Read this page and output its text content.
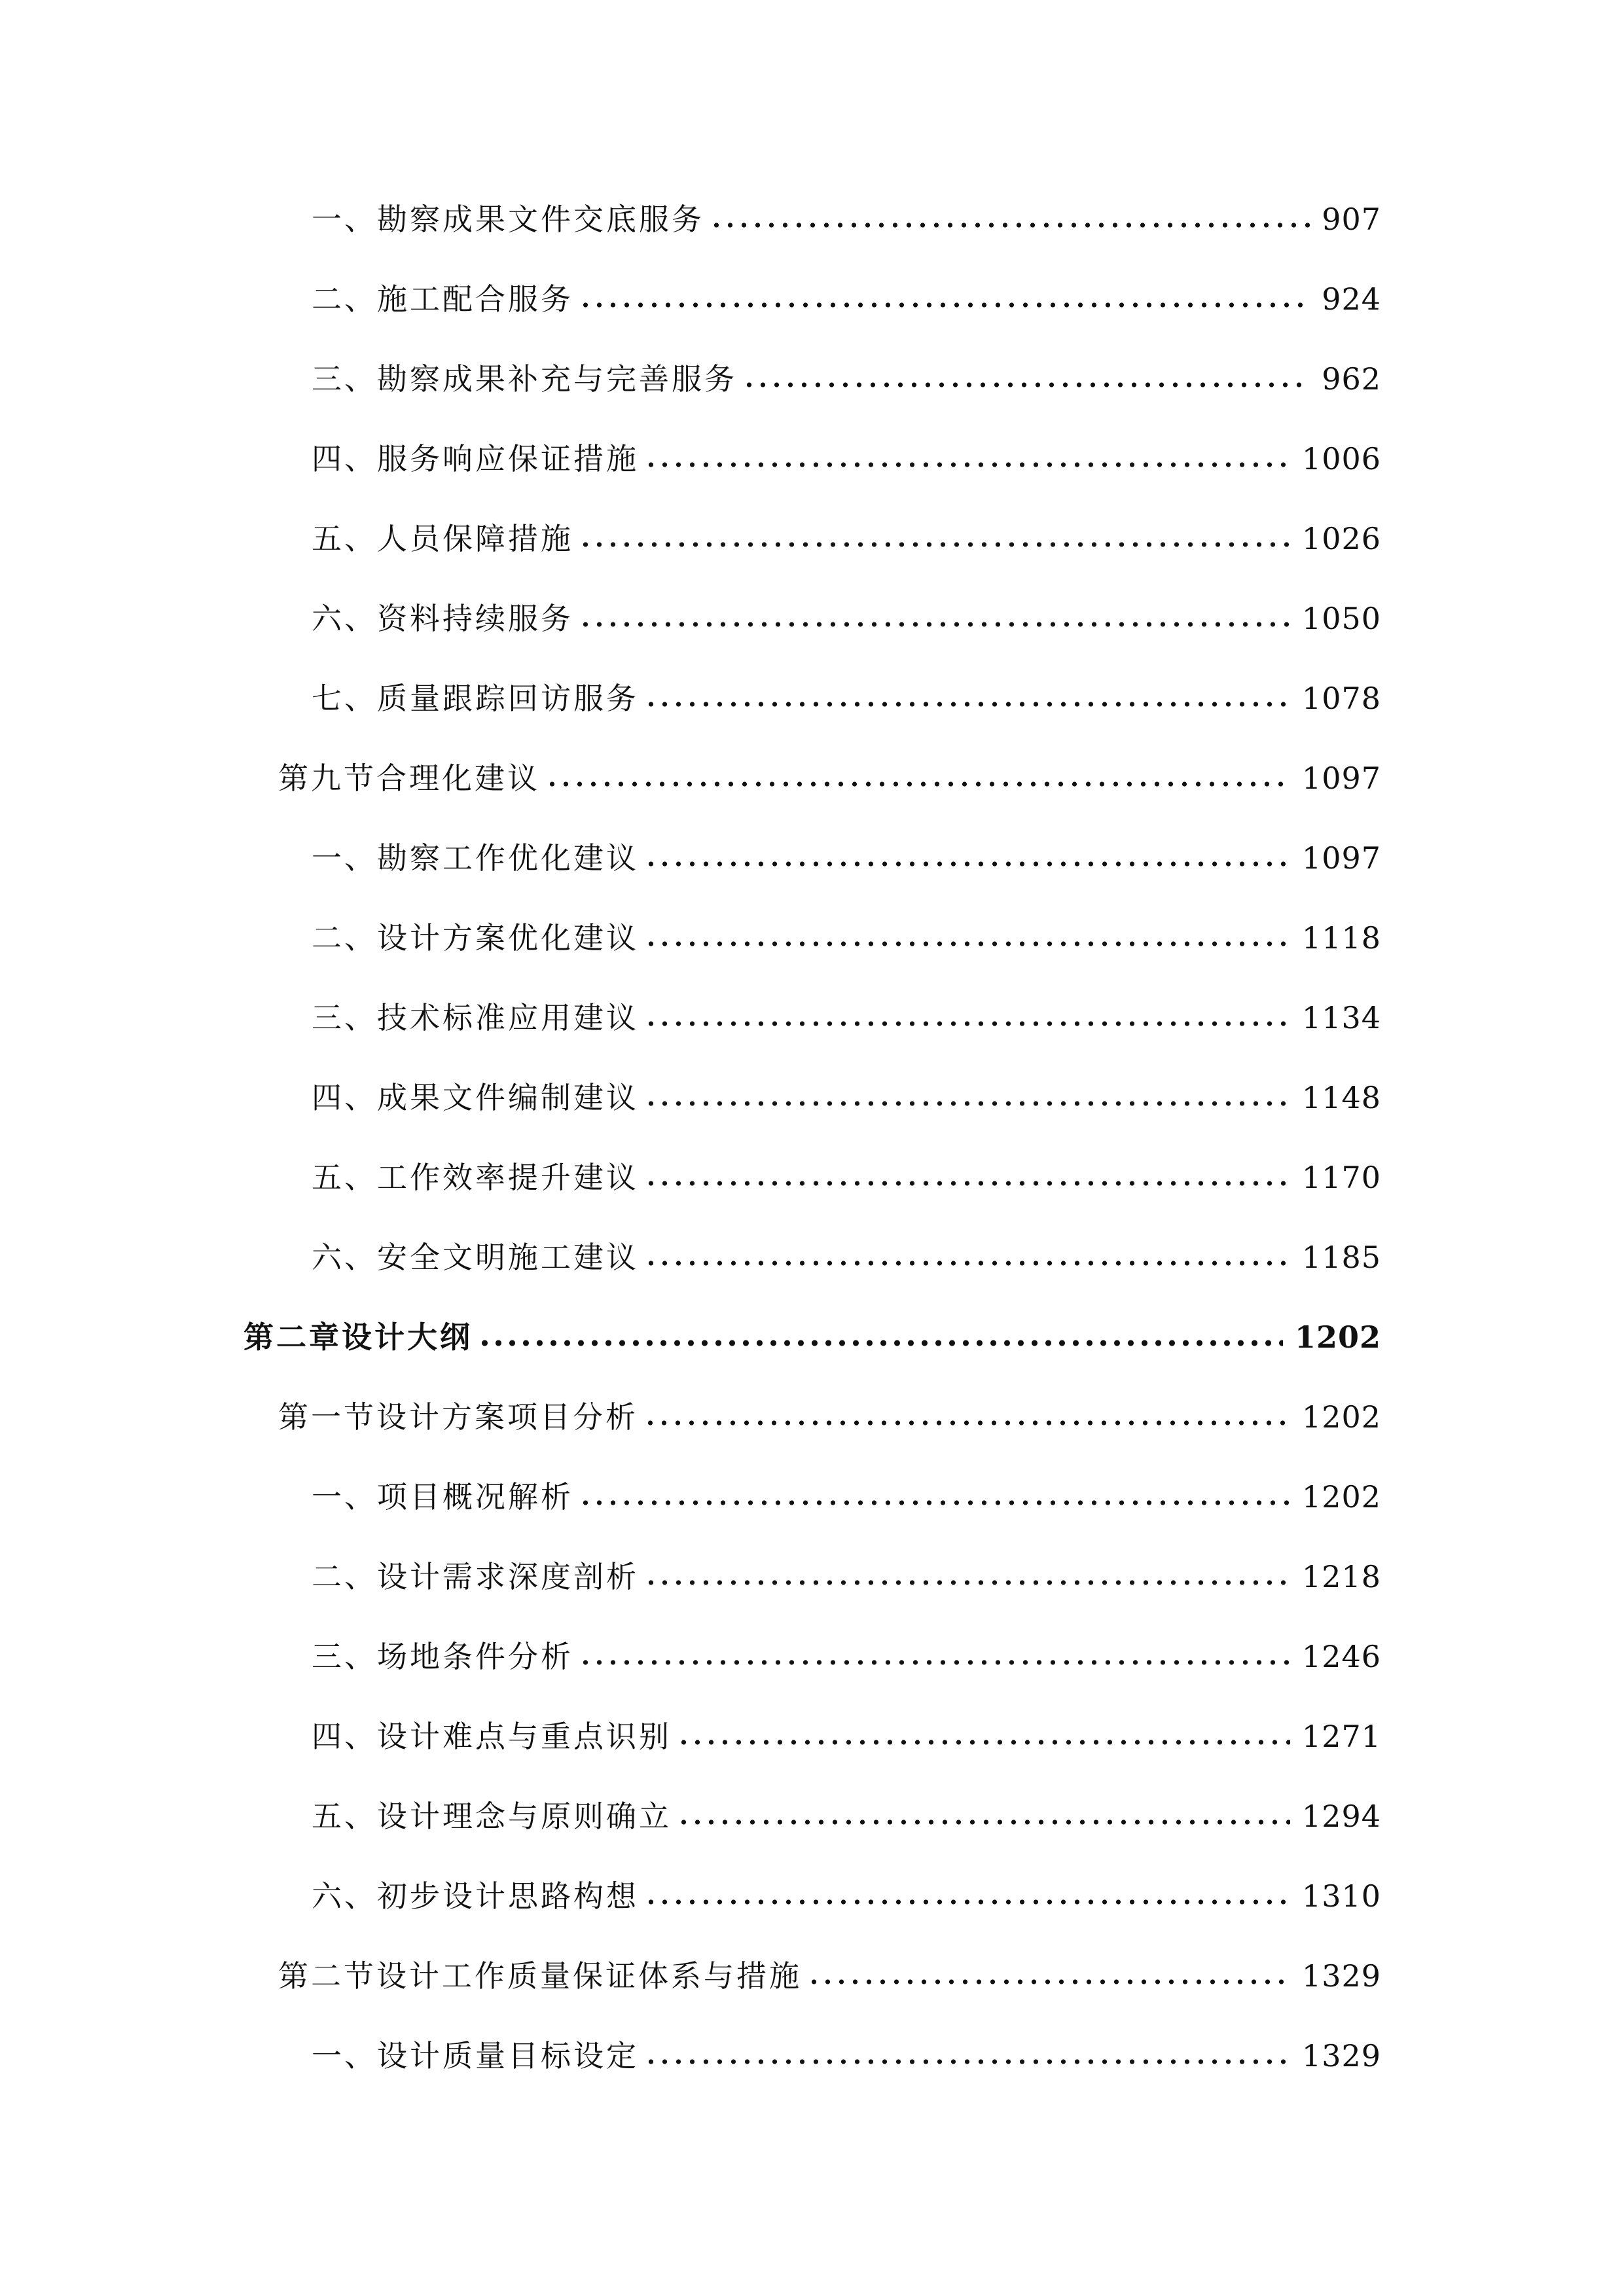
一、勘察成果文件交底服务	907
二、施工配合服务	924
三、勘察成果补充与完善服务	962
四、服务响应保证措施	1006
五、人员保障措施	1026
六、资料持续服务	1050
七、质量跟踪回访服务	1078
第九节合理化建议	1097
一、勘察工作优化建议	1097
二、设计方案优化建议	1118
三、技术标准应用建议	1134
四、成果文件编制建议	1148
五、工作效率提升建议	1170
六、安全文明施工建议	1185
第二章设计大纲	1202
第一节设计方案项目分析	1202
一、项目概况解析	1202
二、设计需求深度剖析	1218
三、场地条件分析	1246
四、设计难点与重点识别	1271
五、设计理念与原则确立	1294
六、初步设计思路构想	1310
第二节设计工作质量保证体系与措施	1329
一、设计质量目标设定	1329
